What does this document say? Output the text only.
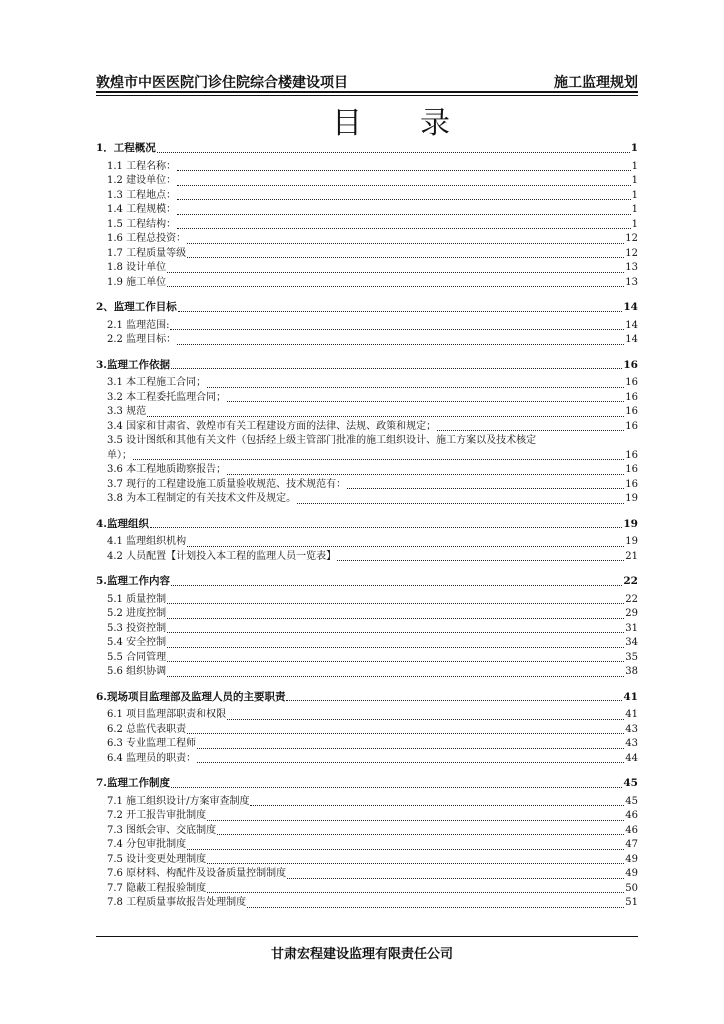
敦煌市中医医院门诊住院综合楼建设项目	施工监理规划
目录
1．工程概况	1
1.1 工程名称：	1
1.2 建设单位：	1
1.3 工程地点：	1
1.4 工程规模：	1
1.5 工程结构：	1
1.6 工程总投资：	12
1.7 工程质量等级	12
1.8 设计单位	13
1.9 施工单位	13
2、监理工作目标	14
2.1 监理范围:	14
2.2 监理目标：	14
3.监理工作依据	16
3.1 本工程施工合同；	16
3.2 本工程委托监理合同；	16
3.3 规范	16
3.4 国家和甘肃省、敦煌市有关工程建设方面的法律、法规、政策和规定；	16
3.5 设计图纸和其他有关文件（包括经上级主管部门批准的施工组织设计、施工方案以及技术核定
单）；	16
3.6 本工程地质勘察报告；	16
3.7 现行的工程建设施工质量验收规范、技术规范有：	16
3.8 为本工程制定的有关技术文件及规定。	19
4.监理组织	19
4.1 监理组织机构	19
4.2 人员配置【计划投入本工程的监理人员一览表】	21
5.监理工作内容	22
5.1 质量控制	22
5.2 进度控制	29
5.3 投资控制	31
5.4 安全控制	34
5.5 合同管理	35
5.6 组织协调	38
6.现场项目监理部及监理人员的主要职责	41
6.1 项目监理部职责和权限	41
6.2 总监代表职责	43
6.3 专业监理工程师	43
6.4 监理员的职责：	44
7.监理工作制度	45
7.1 施工组织设计/方案审查制度	45
7.2 开工报告审批制度	46
7.3 图纸会审、交底制度	46
7.4 分包审批制度	47
7.5 设计变更处理制度	49
7.6 原材料、构配件及设备质量控制制度	49
7.7 隐蔽工程报验制度	50
7.8 工程质量事故报告处理制度	51
甘肃宏程建设监理有限责任公司
